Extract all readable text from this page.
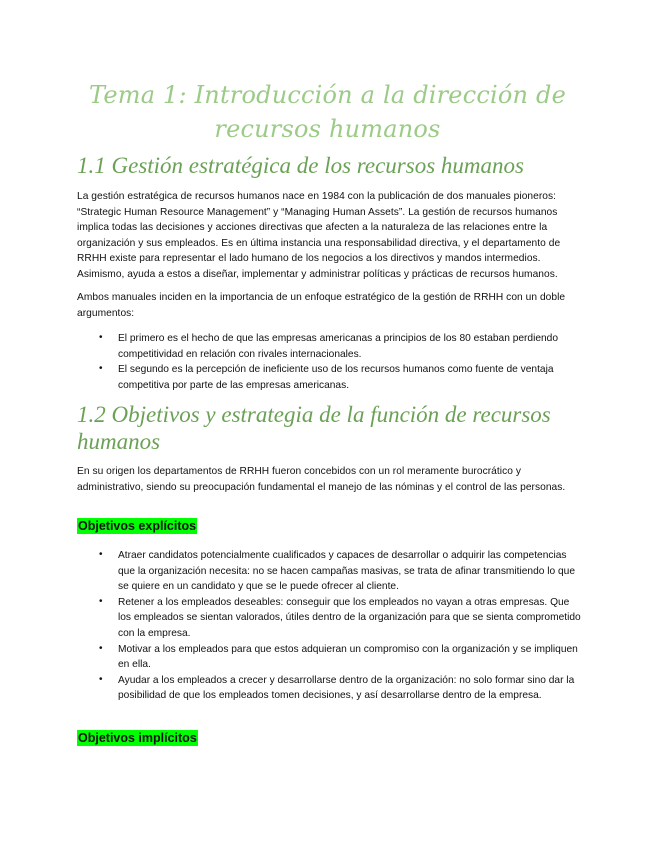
Tema 1: Introducción a la dirección de
recursos humanos
1.1 Gestión estratégica de los recursos humanos

La gestión estratégica de recursos humanos nace en 1984 con la publicación de dos manuales pioneros: “Strategic Human Resource Management” y “Managing Human Assets”. La gestión de recursos humanos implica todas las decisiones y acciones directivas que afecten a la naturaleza de las relaciones entre la organización y sus empleados. Es en última instancia una responsabilidad directiva, y el departamento de RRHH existe para representar el lado humano de los negocios a los directivos y mandos intermedios. Asimismo, ayuda a estos a diseñar, implementar y administrar políticas y prácticas de recursos humanos.

Ambos manuales inciden en la importancia de un enfoque estratégico de la gestión de RRHH con un doble argumentos:

• El primero es el hecho de que las empresas americanas a principios de los 80 estaban perdiendo competitividad en relación con rivales internacionales.
• El segundo es la percepción de ineficiente uso de los recursos humanos como fuente de ventaja competitiva por parte de las empresas americanas.
1.2 Objetivos y estrategia de la función de recursos
humanos

En su origen los departamentos de RRHH fueron concebidos con un rol meramente burocrático y administrativo, siendo su preocupación fundamental el manejo de las nóminas y el control de las personas.

Objetivos explícitos
• Atraer candidatos potencialmente cualificados y capaces de desarrollar o adquirir las competencias que la organización necesita: no se hacen campañas masivas, se trata de afinar transmitiendo lo que se quiere en un candidato y que se le puede ofrecer al cliente.
• Retener a los empleados deseables: conseguir que los empleados no vayan a otras empresas. Que los empleados se sientan valorados, útiles dentro de la organización para que se sienta comprometido con la empresa.
• Motivar a los empleados para que estos adquieran un compromiso con la organización y se impliquen en ella.
• Ayudar a los empleados a crecer y desarrollarse dentro de la organización: no solo formar sino dar la posibilidad de que los empleados tomen decisiones, y así desarrollarse dentro de la empresa.
Objetivos implícitos
